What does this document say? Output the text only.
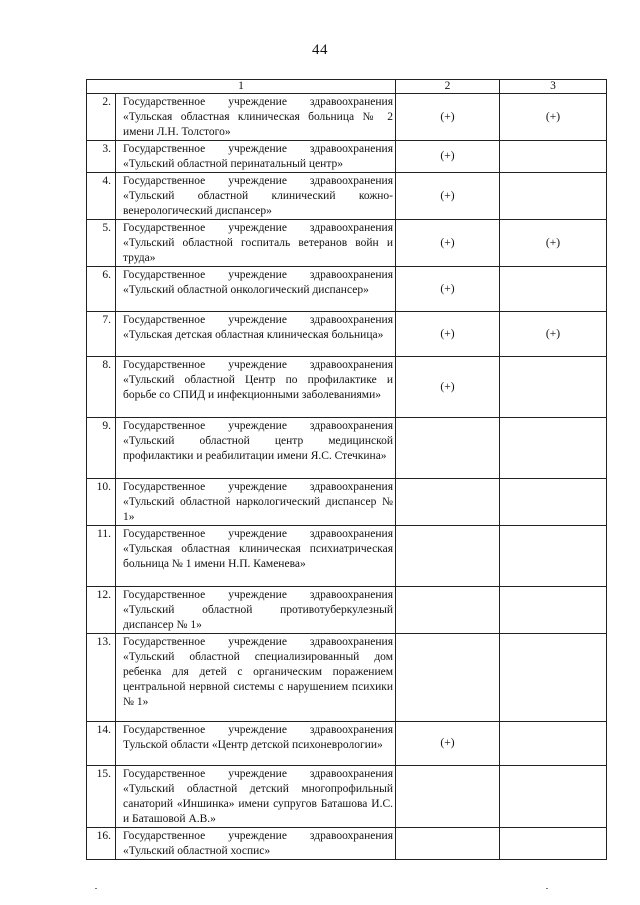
44
1		2	3
2.	Государственное учреждение здравоохранения «Тульская областная клиническая больница № 2 имени Л.Н. Толстого»	(+)	(+)
3.	Государственное учреждение здравоохранения «Тульский областной перинатальный центр»	(+)	
4.	Государственное учреждение здравоохранения «Тульский областной клинический кожно-венерологический диспансер»	(+)	
5.	Государственное учреждение здравоохранения «Тульский областной госпиталь ветеранов войн и труда»	(+)	(+)
6.	Государственное учреждение здравоохранения «Тульский областной онкологический диспансер»	(+)	
7.	Государственное учреждение здравоохранения «Тульская детская областная клиническая больница»	(+)	(+)
8.	Государственное учреждение здравоохранения «Тульский областной Центр по профилактике и борьбе со СПИД и инфекционными заболеваниями»	(+)	
9.	Государственное учреждение здравоохранения «Тульский областной центр медицинской профилактики и реабилитации имени Я.С. Стечкина»		
10.	Государственное учреждение здравоохранения «Тульский областной наркологический диспансер № 1»		
11.	Государственное учреждение здравоохранения «Тульская областная клиническая психиатрическая больница № 1 имени Н.П. Каменева»		
12.	Государственное учреждение здравоохранения «Тульский областной противотуберкулезный диспансер № 1»		
13.	Государственное учреждение здравоохранения «Тульский областной специализированный дом ребенка для детей с органическим поражением центральной нервной системы с нарушением психики № 1»		
14.	Государственное учреждение здравоохранения Тульской области «Центр детской психоневрологии»	(+)	
15.	Государственное учреждение здравоохранения «Тульский областной детский многопрофильный санаторий «Иншинка» имени супругов Баташова И.С. и Баташовой А.В.»		
16.	Государственное учреждение здравоохранения «Тульский областной хоспис»		
